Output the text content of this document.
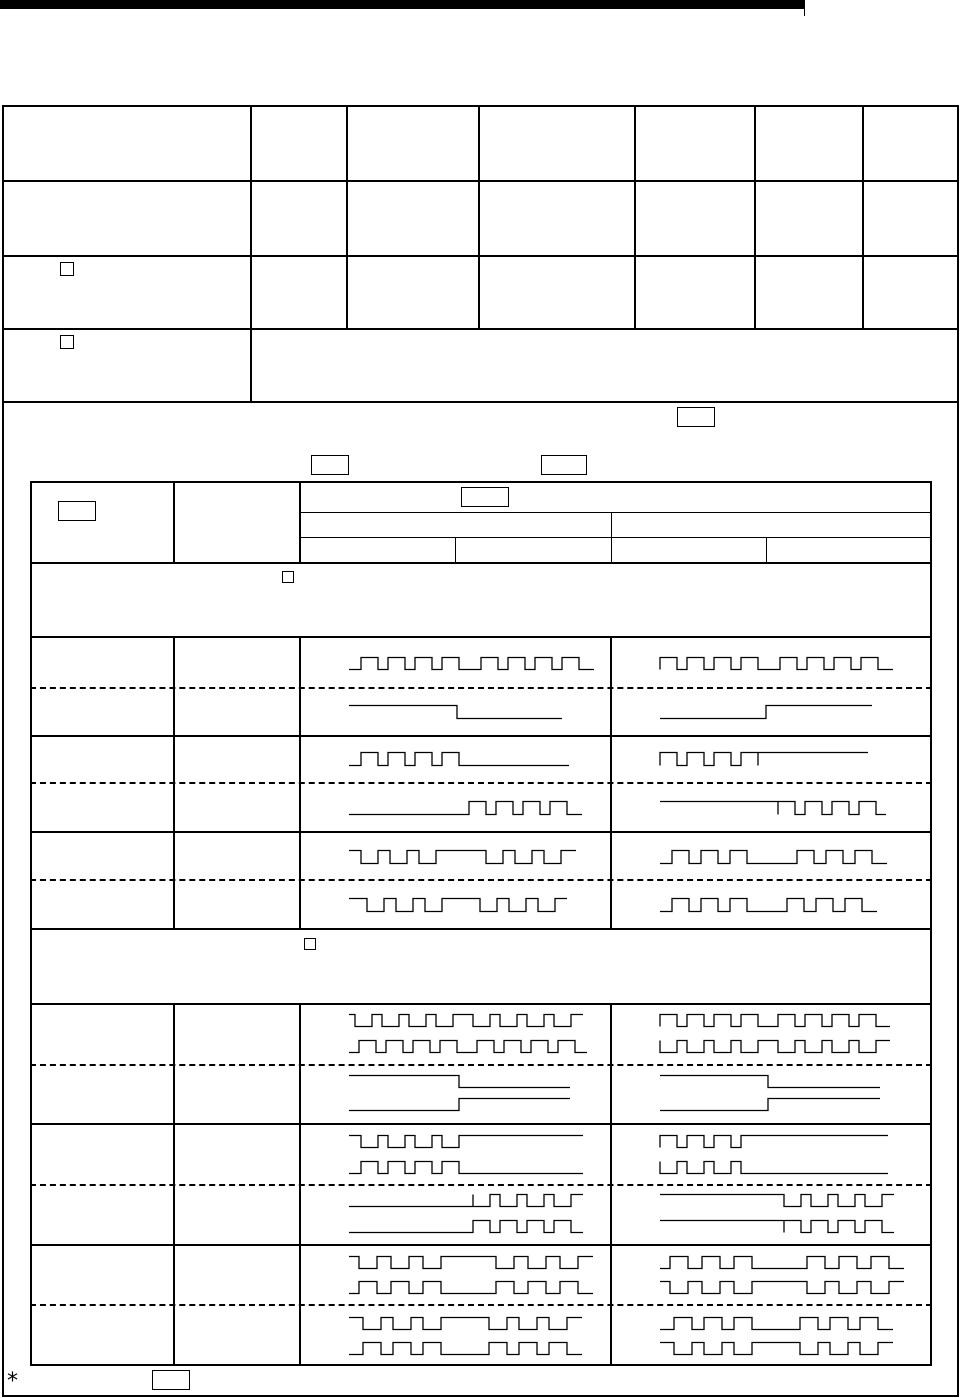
*
